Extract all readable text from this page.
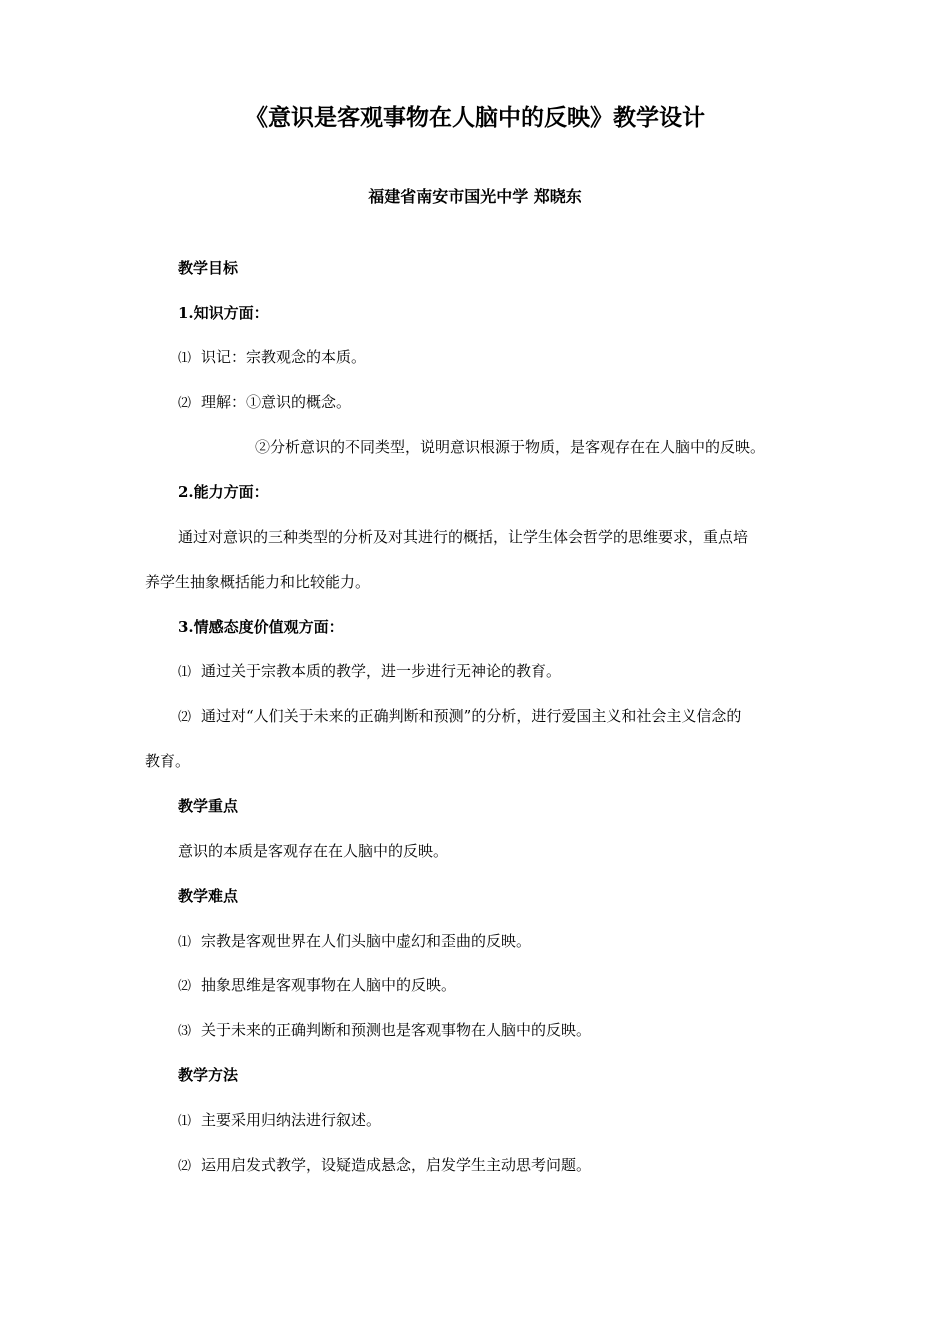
《意识是客观事物在人脑中的反映》教学设计
福建省南安市国光中学 郑晓东
教学目标
1.知识方面：
⑴ 识记：宗教观念的本质。
⑵ 理解：①意识的概念。
②分析意识的不同类型，说明意识根源于物质，是客观存在在人脑中的反映。
2.能力方面：
通过对意识的三种类型的分析及对其进行的概括，让学生体会哲学的思维要求，重点培
养学生抽象概括能力和比较能力。
3.情感态度价值观方面：
⑴ 通过关于宗教本质的教学，进一步进行无神论的教育。
⑵ 通过对“人们关于未来的正确判断和预测”的分析，进行爱国主义和社会主义信念的
教育。
教学重点
意识的本质是客观存在在人脑中的反映。
教学难点
⑴ 宗教是客观世界在人们头脑中虚幻和歪曲的反映。
⑵ 抽象思维是客观事物在人脑中的反映。
⑶ 关于未来的正确判断和预测也是客观事物在人脑中的反映。
教学方法
⑴ 主要采用归纳法进行叙述。
⑵ 运用启发式教学，设疑造成悬念，启发学生主动思考问题。
